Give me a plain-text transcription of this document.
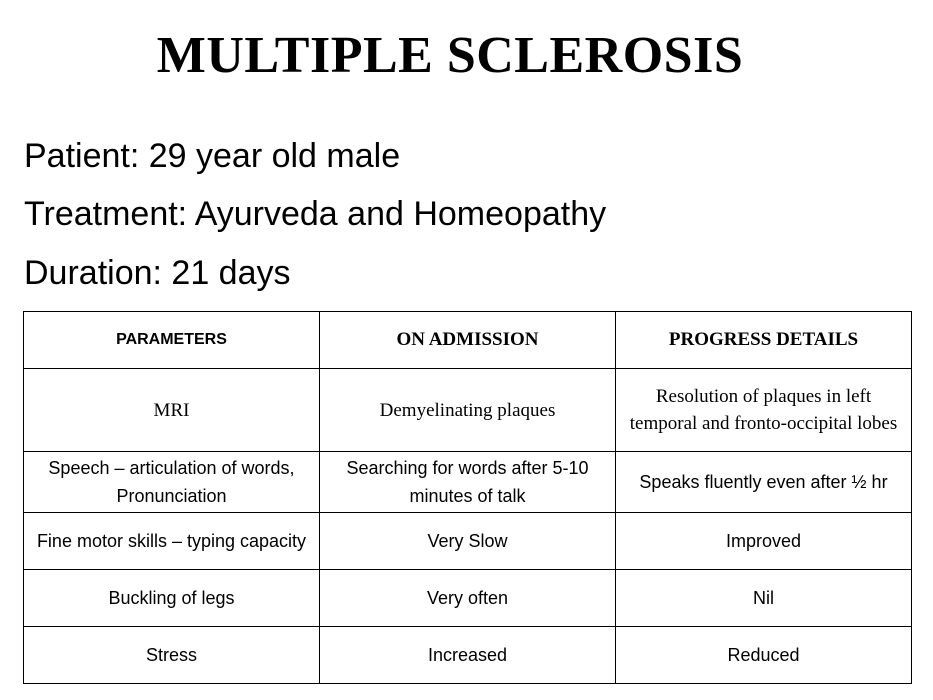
MULTIPLE SCLEROSIS
Patient: 29 year old male
Treatment: Ayurveda and Homeopathy
Duration: 21 days
PARAMETERS	ON ADMISSION	PROGRESS DETAILS
MRI	Demyelinating plaques	Resolution of plaques in left temporal and fronto-occipital lobes
Speech – articulation of words, Pronunciation	Searching for words after 5-10 minutes of talk	Speaks fluently even after ½ hr
Fine motor skills – typing capacity	Very Slow	Improved
Buckling of legs	Very often	Nil
Stress	Increased	Reduced
